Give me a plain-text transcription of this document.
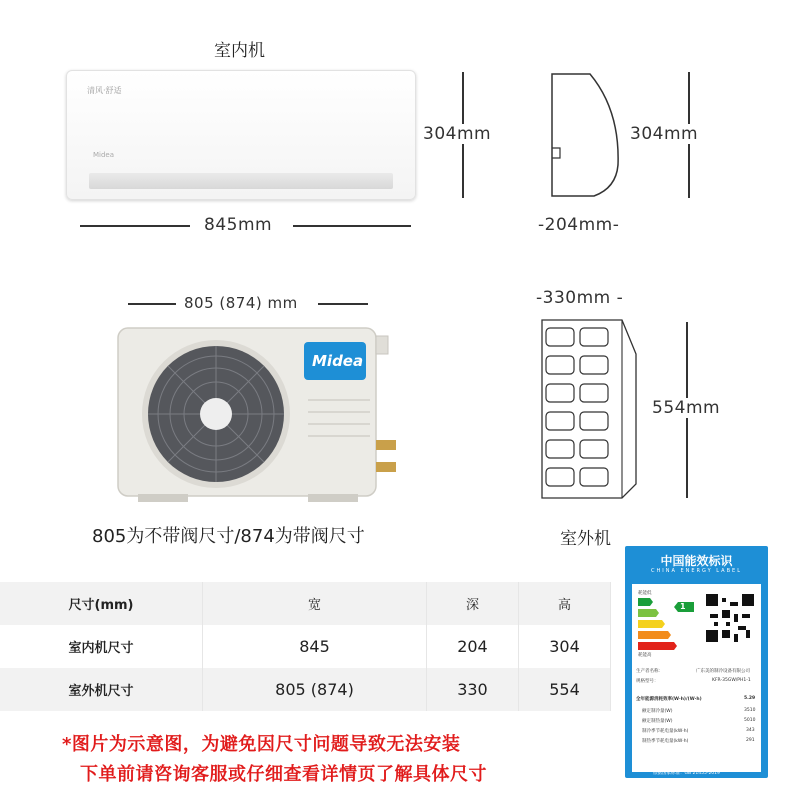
室内机
清风·舒适
Midea
304mm
845mm
304mm
-204mm-
805 (874) mm
Midea
805为不带阀尺寸/874为带阀尺寸
-330mm -
554mm
室外机
尺寸(mm)	宽	深	高
室内机尺寸	845	204	304
室外机尺寸	805 (874)	330	554
*图片为示意图，为避免因尺寸问题导致无法安装
下单前请咨询客服或仔细查看详情页了解具体尺寸
中国能效标识
CHINA ENERGY LABEL
耗能低
1
耗能高
生产者名称：	广东美的制冷设备有限公司
规格型号：	KFR-35GW/PH1-1
全年能源消耗效率(W·h)/(W·h)	5.29
额定制冷量(W)	3510
额定制热量(W)	5010
制冷季节耗电量(kW·h)	343
制热季节耗电量(kW·h)	291
依据国家标准：GB 21455-2019
